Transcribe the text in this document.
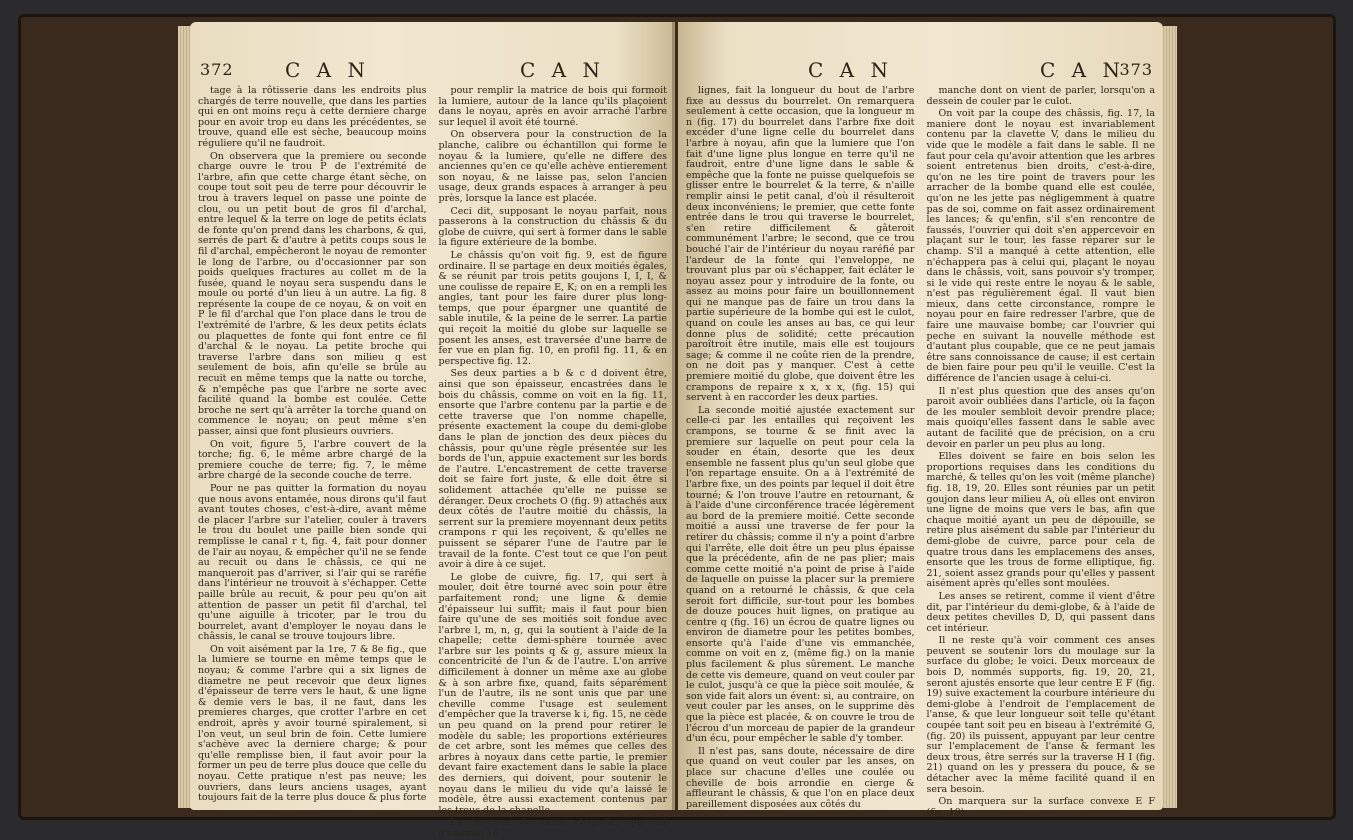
372	C A N	C A N

tage à la rôtisserie dans les endroits plus chargés de terre nouvelle, que dans les parties qui en ont moins reçu à cette derniere charge pour en avoir trop eu dans les précédentes, se trouve, quand elle est sèche, beaucoup moins réguliere qu'il ne faudroit.

On observera que la premiere ou seconde charge ouvre le trou P de l'extrémité de l'arbre, afin que cette charge étant sèche, on coupe tout soit peu de terre pour découvrir le trou à travers lequel on passe une pointe de clou, ou un petit bout de gros fil d'archal, entre lequel & la terre on loge de petits éclats de fonte qu'on prend dans les charbons, & qui, serrés de part & d'autre à petits coups sous le fil d'archal, empêcheront le noyau de remonter le long de l'arbre, ou d'occasionner par son poids quelques fractures au collet m de la fusée, quand le noyau sera suspendu dans le moule ou porté d'un lieu à un autre. La fig. 8 représente la coupe de ce noyau, & on voit en P le fil d'archal que l'on place dans le trou de l'extrémité de l'arbre, & les deux petits éclats ou plaquettes de fonte qui font entre ce fil d'archal & le noyau. La petite broche qui traverse l'arbre dans son milieu q est seulement de bois, afin qu'elle se brûle au recuit en même temps que la natte ou torche, & n'empêche pas que l'arbre ne sorte avec facilité quand la bombe est coulée. Cette broche ne sert qu'à arrêter la torche quand on commence le noyau; on peut même s'en passer, ainsi que font plusieurs ouvriers.

On voit, figure 5, l'arbre couvert de la torche; fig. 6, le même arbre chargé de la premiere couche de terre; fig. 7, le même arbre chargé de la seconde couche de terre.

Pour ne pas quitter la formation du noyau que nous avons entamée, nous dirons qu'il faut avant toutes choses, c'est-à-dire, avant même de placer l'arbre sur l'atelier, couler à travers le trou du boulet une paille bien sonde qui remplisse le canal r t, fig. 4, fait pour donner de l'air au noyau, & empêcher qu'il ne se fende au recuit ou dans le châssis, ce qui ne manqueroit pas d'arriver, si l'air qui se raréfie dans l'intérieur ne trouvoit à s'échapper. Cette paille brûle au recuit, & pour peu qu'on ait attention de passer un petit fil d'archal, tel qu'une aiguille à tricoter, par le trou du bourrelet, avant d'employer le noyau dans le châssis, le canal se trouve toujours libre.

On voit aisément par la 1re, 7 & 8e fig., que la lumiere se tourne en même temps que le noyau; & comme l'arbre qui a six lignes de diametre ne peut recevoir que deux lignes d'épaisseur de terre vers le haut, & une ligne & demie vers le bas, il ne faut, dans les premieres charges, que crotter l'arbre en cet endroit, après y avoir tourné spiralement, si l'on veut, un seul brin de foin. Cette lumiere s'achève avec la derniere charge; & pour qu'elle remplisse bien, il faut avoir pour la former un peu de terre plus douce que celle du noyau. Cette pratique n'est pas neuve; les ouvriers, dans leurs anciens usages, ayant toujours fait de la terre plus douce & plus forte

pour remplir la matrice de bois qui formoit la lumiere, autour de la lance qu'ils plaçoient dans le noyau, après en avoir arraché l'arbre sur lequel il avoit été tourné.

On observera pour la construction de la planche, calibre ou échantillon qui forme le noyau & la lumiere, qu'elle ne differe des anciennes qu'en ce qu'elle achève entierement son noyau, & ne laisse pas, selon l'ancien usage, deux grands espaces à arranger à peu près, lorsque la lance est placée.

Ceci dit, supposant le noyau parfait, nous passerons à la construction du châssis & du globe de cuivre, qui sert à former dans le sable la figure extérieure de la bombe.

Le châssis qu'on voit fig. 9, est de figure ordinaire. Il se partage en deux moitiés égales, & se réunit par trois petits goujons I, I, I, & une coulisse de repaire E, K; on en a rempli les angles, tant pour les faire durer plus long-temps, que pour épargner une quantité de sable inutile, & la peine de le serrer. La partie qui reçoit la moitié du globe sur laquelle se posent les anses, est traversée d'une barre de fer vue en plan fig. 10, en profil fig. 11, & en perspective fig. 12.

Ses deux parties a b & c d doivent être, ainsi que son épaisseur, encastrées dans le bois du châssis, comme on voit en la fig. 11, ensorte que l'arbre contenu par la partie e de cette traverse que l'on nomme chapelle, présente exactement la coupe du demi-globe dans le plan de jonction des deux pièces du châssis, pour qu'une règle présentée sur les bords de l'un, appuie exactement sur les bords de l'autre. L'encastrement de cette traverse doit se faire fort juste, & elle doit être si solidement attachée qu'elle ne puisse se déranger. Deux crochets O (fig. 9) attachés aux deux côtés de l'autre moitié du châssis, la serrent sur la premiere moyennant deux petits crampons r qui les reçoivent, & qu'elles ne puissent se séparer l'une de l'autre par le travail de la fonte. C'est tout ce que l'on peut avoir à dire à ce sujet.

Le globe de cuivre, fig. 17, qui sert à mouler, doit être tourné avec soin pour être parfaitement rond; une ligne & demie d'épaisseur lui suffit; mais il faut pour bien faire qu'une de ses moitiés soit fondue avec l'arbre l, m, n, g, qui la soutient à l'aide de la chapelle; cette demi-sphère tournée avec l'arbre sur les points q & g, assure mieux la concentricité de l'un & de l'autre. L'on arrive difficilement à donner un même axe au globe & à son arbre fixe, quand, faits séparément l'un de l'autre, ils ne sont unis que par une cheville comme l'usage est seulement d'empêcher que la traverse k i, fig. 15, ne cède un peu quand on la prend pour retirer le modèle du sable; les proportions extérieures de cet arbre, sont les mêmes que celles des arbres à noyaux dans cette partie, le premier devant faire exactement dans le sable la place des derniers, qui doivent, pour soutenir le noyau dans le milieu du vide qu'a laissé le modèle, être aussi exactement contenus par les trous de la chapelle.

La hauteur de cette chapelle, qui est d'environ 16

C A N	C A N
373

lignes, fait la longueur du bout de l'arbre fixe au dessus du bourrelet. On remarquera seulement à cette occasion, que la longueur m n (fig. 17) du bourrelet dans l'arbre fixe doit excéder d'une ligne celle du bourrelet dans l'arbre à noyau, afin que la lumiere que l'on fait d'une ligne plus longue en terre qu'il ne faudroit, entre d'une ligne dans le sable & empêche que la fonte ne puisse quelquefois se glisser entre le bourrelet & la terre, & n'aille remplir ainsi le petit canal, d'où il résulteroit deux inconvéniens; le premier, que cette fonte entrée dans le trou qui traverse le bourrelet, s'en retire difficilement & gâteroit communément l'arbre; le second, que ce trou bouché l'air de l'intérieur du noyau raréfié par l'ardeur de la fonte qui l'enveloppe, ne trouvant plus par où s'échapper, fait écláter le noyau assez pour y introduire de la fonte, ou assez au moins pour faire un bouillonnement qui ne manque pas de faire un trou dans la partie supérieure de la bombe qui est le culot, quand on coule les anses au bas, ce qui leur donne plus de solidité; cette précaution paroîtroit être inutile, mais elle est toujours sage; & comme il ne coûte rien de la prendre, on ne doit pas y manquer. C'est à cette premiere moitié du globe, que doivent être les crampons de repaire x x, x x, (fig. 15) qui servent à en raccorder les deux parties.

La seconde moitié ajustée exactement sur celle-ci par les entailles qui reçoivent les crampons, se tourne & se finit avec la premiere sur laquelle on peut pour cela la souder en étain, desorte que les deux ensemble ne fassent plus qu'un seul globe que l'on repartage ensuite. On a à l'extrémité de l'arbre fixe, un des points par lequel il doit être tourné; & l'on trouve l'autre en retournant, & à l'aide d'une circonférence tracée légèrement au bord de la premiere moitié. Cette seconde moitié a aussi une traverse de fer pour la retirer du châssis; comme il n'y a point d'arbre qui l'arrête, elle doit être un peu plus épaisse que la précédente, afin de ne pas plier; mais comme cette moitié n'a point de prise à l'aide de laquelle on puisse la placer sur la premiere quand on a retourné le châssis, & que cela seroit fort difficile, sur-tout pour les bombes de douze pouces huit lignes, on pratique au centre q (fig. 16) un écrou de quatre lignes ou environ de diametre pour les petites bombes, ensorte qu'à l'aide d'une vis emmanchée, comme on voit en z, (même fig.) on la manie plus facilement & plus sûrement. Le manche de cette vis demeure, quand on veut couler par le culot, jusqu'à ce que la pièce soit moulée, & son vide fait alors un évent: si, au contraire, on veut couler par les anses, on le supprime dès que la pièce est placée, & on couvre le trou de l'écrou d'un morceau de papier de la grandeur d'un écu, pour empêcher le sable d'y tomber.

Il n'est pas, sans doute, nécessaire de dire que quand on veut couler par les anses, on place sur chacune d'elles une coulée ou cheville de bois arrondie en cierge & affleurant le châssis, & que l'on en place deux pareillement disposées aux côtés du

manche dont on vient de parler, lorsqu'on a dessein de couler par le culot.

On voit par la coupe des châssis, fig. 17, la maniere dont le noyau est invariablement contenu par la clavette V, dans le milieu du vide que le modèle a fait dans le sable. Il ne faut pour cela qu'avoir attention que les arbres soient entretenus bien droits, c'est-à-dire, qu'on ne les tire point de travers pour les arracher de la bombe quand elle est coulée, qu'on ne les jette pas négligemment à quatre pas de soi, comme on fait assez ordinairement les lances; & qu'enfin, s'il s'en rencontre de faussés, l'ouvrier qui doit s'en appercevoir en plaçant sur le tour, les fasse réparer sur le champ. S'il a manqué à cette attention, elle n'échappera pas à celui qui, plaçant le noyau dans le châssis, voit, sans pouvoir s'y tromper, si le vide qui reste entre le noyau & le sable, n'est pas régulièrement égal. Il vaut bien mieux, dans cette circonstance, rompre le noyau pour en faire redresser l'arbre, que de faire une mauvaise bombe; car l'ouvrier qui peche en suivant la nouvelle méthode est d'autant plus coupable, que ce ne peut jamais être sans connoissance de cause; il est certain de bien faire pour peu qu'il le veuille. C'est la différence de l'ancien usage à celui-ci.

Il n'est plus question que des anses qu'on paroit avoir oubliées dans l'article, où la façon de les mouler sembloit devoir prendre place; mais quoiqu'elles fassent dans le sable avec autant de facilité que de précision, on a cru devoir en parler un peu plus au long.

Elles doivent se faire en bois selon les proportions requises dans les conditions du marché, & telles qu'on les voit (même planche) fig. 18, 19, 20. Elles sont réunies par un petit goujon dans leur milieu A, où elles ont environ une ligne de moins que vers le bas, afin que chaque moitié ayant un peu de dépouille, se retire plus aisément du sable par l'intérieur du demi-globe de cuivre, parce pour cela de quatre trous dans les emplacemens des anses, ensorte que les trous de forme elliptique, fig. 21, soient assez grands pour qu'elles y passent aisément après qu'elles sont moulées.

Les anses se retirent, comme il vient d'être dit, par l'intérieur du demi-globe, & à l'aide de deux petites chevilles D, D, qui passent dans cet intérieur.

Il ne reste qu'à voir comment ces anses peuvent se soutenir lors du moulage sur la surface du globe; le voici. Deux morceaux de bois D, nommés supports, fig. 19, 20, 21, seront ajustés ensorte que leur centre E F (fig. 19) suive exactement la courbure intérieure du demi-globe à l'endroit de l'emplacement de l'anse, & que leur longueur soit telle qu'étant coupée tant soit peu en biseau à l'extrémité G, (fig. 20) ils puissent, appuyant par leur centre sur l'emplacement de l'anse & fermant les deux trous, être serrés sur la traverse H I (fig. 21) quand on les y pressera du pouce, & se détacher avec la même facilité quand il en sera besoin.

On marquera sur la surface convexe E F (fig. 19)
